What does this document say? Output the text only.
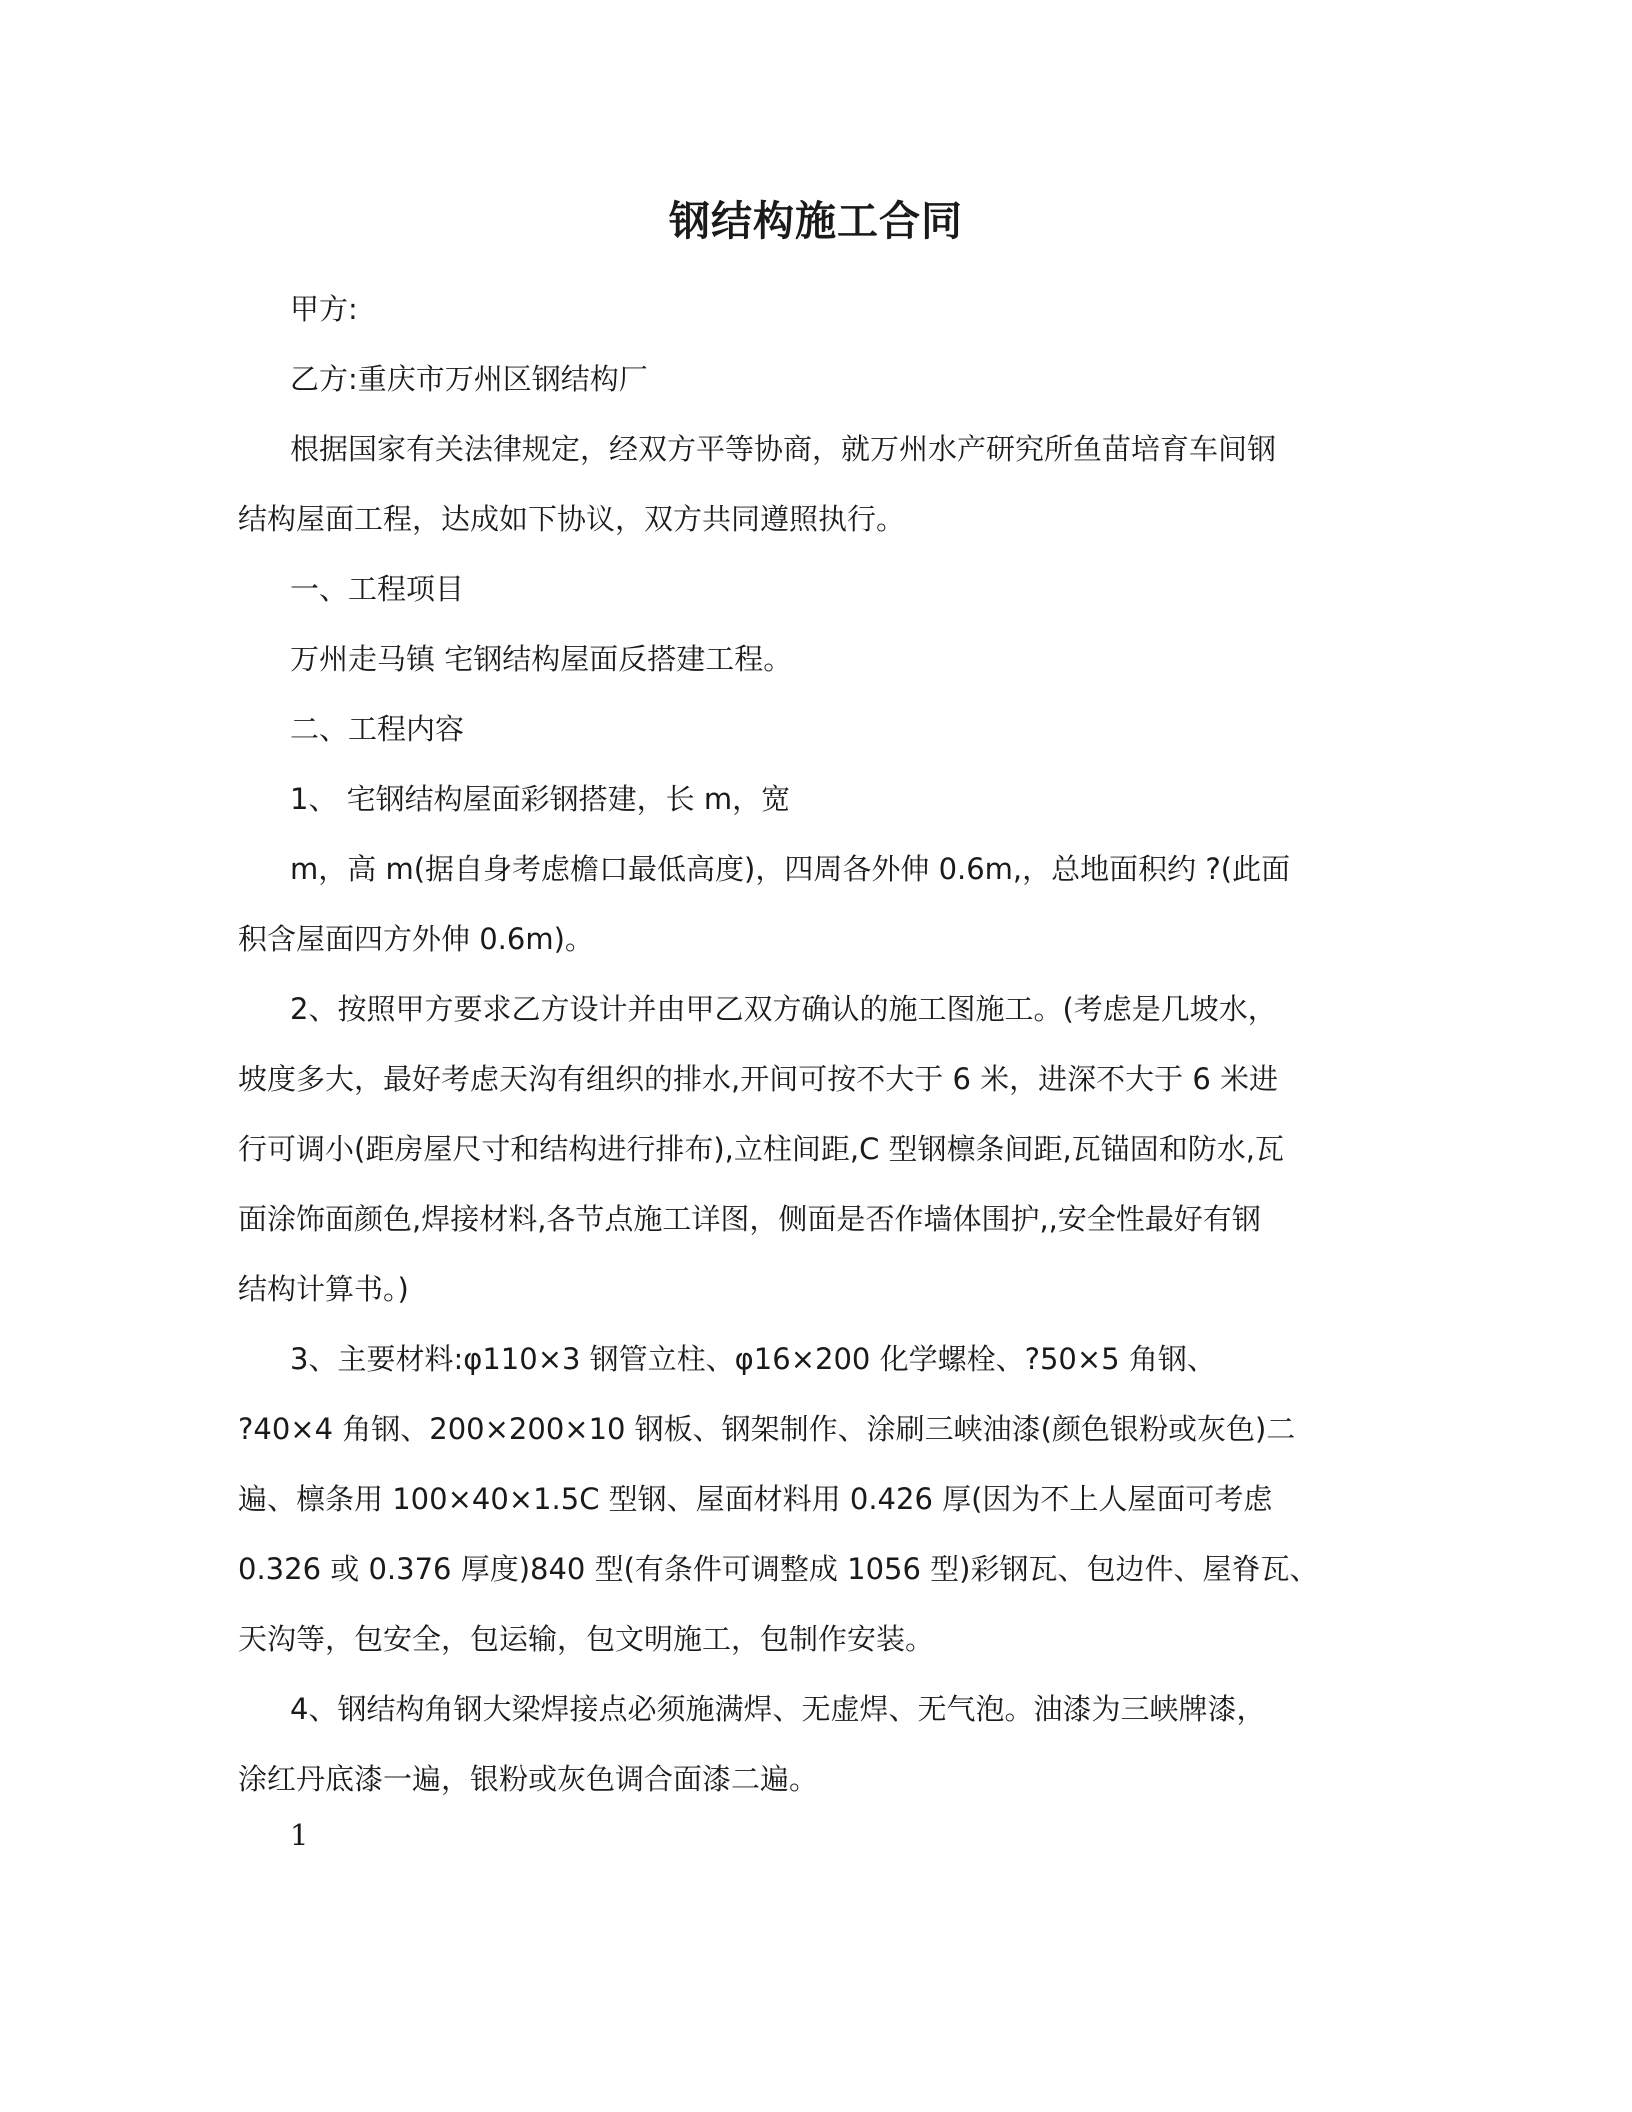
钢结构施工合同
甲方:
乙方:重庆市万州区钢结构厂
根据国家有关法律规定，经双方平等协商，就万州水产研究所鱼苗培育车间钢
结构屋面工程，达成如下协议，双方共同遵照执行。
一、工程项目
万州走马镇 宅钢结构屋面反搭建工程。
二、工程内容
1、 宅钢结构屋面彩钢搭建，长 m，宽
m，高 m(据自身考虑檐口最低高度)，四周各外伸 0.6m,，总地面积约 ?(此面
积含屋面四方外伸 0.6m)。
2、按照甲方要求乙方设计并由甲乙双方确认的施工图施工。(考虑是几坡水，
坡度多大，最好考虑天沟有组织的排水,开间可按不大于 6 米，进深不大于 6 米进
行可调小(距房屋尺寸和结构进行排布),立柱间距,C 型钢檩条间距,瓦锚固和防水,瓦
面涂饰面颜色,焊接材料,各节点施工详图，侧面是否作墙体围护,,安全性最好有钢
结构计算书。)
3、主要材料:φ110×3 钢管立柱、φ16×200 化学螺栓、?50×5 角钢、
?40×4 角钢、200×200×10 钢板、钢架制作、涂刷三峡油漆(颜色银粉或灰色)二
遍、檩条用 100×40×1.5C 型钢、屋面材料用 0.426 厚(因为不上人屋面可考虑
0.326 或 0.376 厚度)840 型(有条件可调整成 1056 型)彩钢瓦、包边件、屋脊瓦、
天沟等，包安全，包运输，包文明施工，包制作安装。
4、钢结构角钢大梁焊接点必须施满焊、无虚焊、无气泡。油漆为三峡牌漆，
涂红丹底漆一遍，银粉或灰色调合面漆二遍。
1
